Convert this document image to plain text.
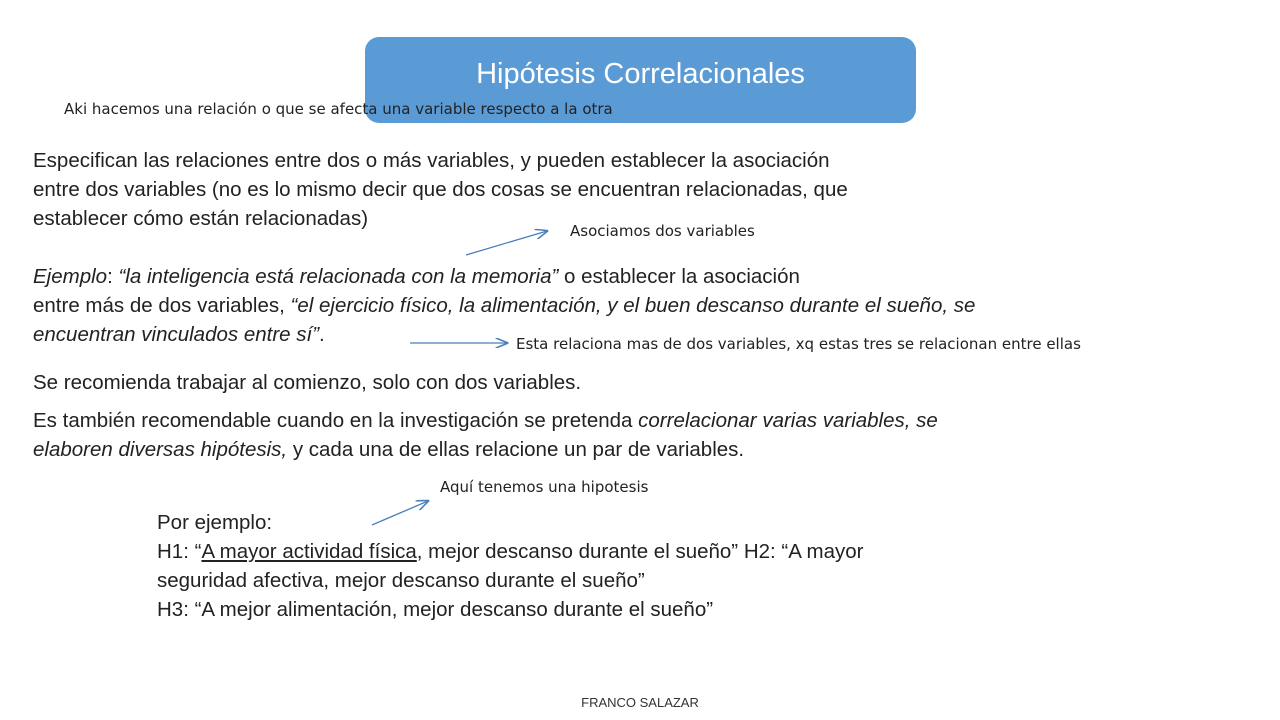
Hipótesis Correlacionales
Aki hacemos una relación o que se afecta una variable respecto a la otra
Especifican las relaciones entre dos o más variables, y pueden establecer la asociación
entre dos variables (no es lo mismo decir que dos cosas se encuentran relacionadas, que
establecer cómo están relacionadas)
Asociamos dos variables
Ejemplo: “la inteligencia está relacionada con la memoria” o establecer la asociación
entre más de dos variables, “el ejercicio físico, la alimentación, y el buen descanso durante el sueño, se
encuentran vinculados entre sí”.	Esta relaciona mas de dos variables, xq estas tres se relacionan entre ellas
Se recomienda trabajar al comienzo, solo con dos variables.
Es también recomendable cuando en la investigación se pretenda correlacionar varias variables, se
elaboren diversas hipótesis, y cada una de ellas relacione un par de variables.
Aquí tenemos una hipotesis
Por ejemplo:
H1: “A mayor actividad física, mejor descanso durante el sueño” H2: “A mayor
seguridad afectiva, mejor descanso durante el sueño”
H3: “A mejor alimentación, mejor descanso durante el sueño”
FRANCO SALAZAR
